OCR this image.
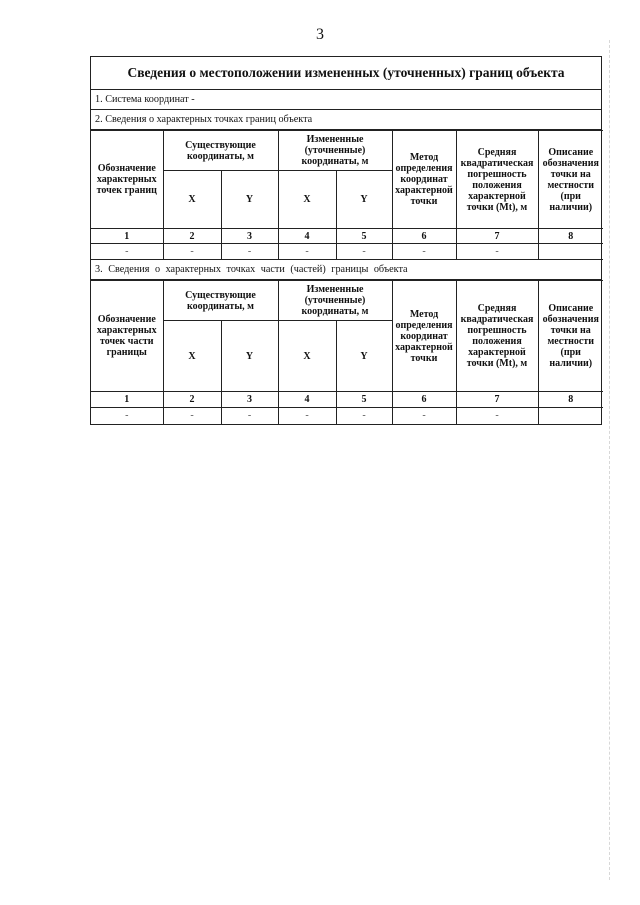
3
Сведения о местоположении измененных (уточненных) границ объекта
1. Система координат -
2. Сведения о характерных точках границ объекта
Обозначение характерных точек границ	Существующие координаты, м		Измененные (уточненные) координаты, м		Метод определения координат характерной точки	Средняя квадратическая погрешность положения характерной точки (Mt), м	Описание обозначения точки на местности (при наличии)
	X	Y	X	Y			
1	2	3	4	5	6	7	8
-	-	-	-	-	-	-	
3. Сведения о характерных точках части (частей) границы объекта
Обозначение характерных точек части границы	Существующие координаты, м		Измененные (уточненные) координаты, м		Метод определения координат характерной точки	Средняя квадратическая погрешность положения характерной точки (Mt), м	Описание обозначения точки на местности (при наличии)
	X	Y	X	Y			
1	2	3	4	5	6	7	8
-	-	-	-	-	-	-	
